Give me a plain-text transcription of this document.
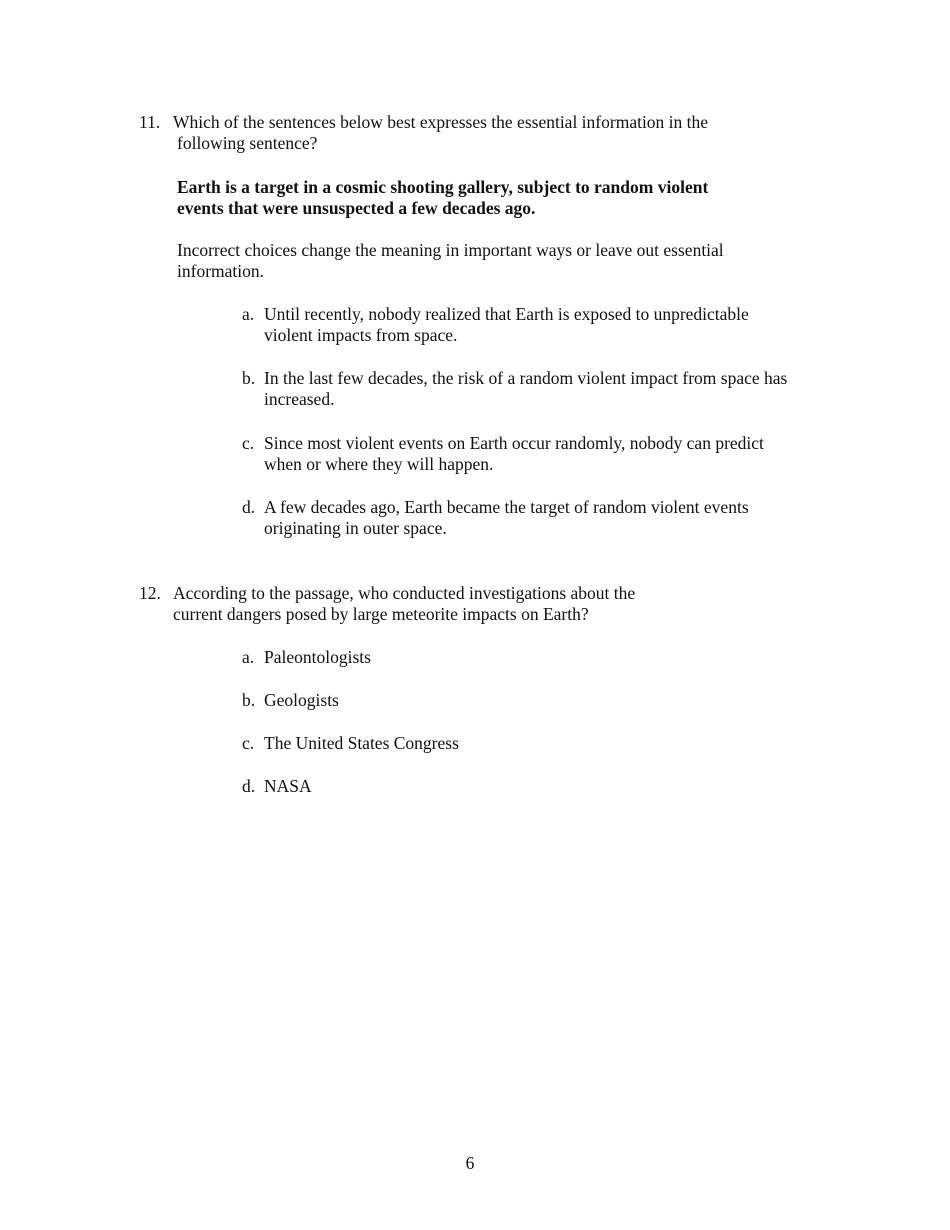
11. Which of the sentences below best expresses the essential information in the
following sentence?
Earth is a target in a cosmic shooting gallery, subject to random violent
events that were unsuspected a few decades ago.
Incorrect choices change the meaning in important ways or leave out essential
information.
a. Until recently, nobody realized that Earth is exposed to unpredictable
violent impacts from space.
b. In the last few decades, the risk of a random violent impact from space has
increased.
c. Since most violent events on Earth occur randomly, nobody can predict
when or where they will happen.
d. A few decades ago, Earth became the target of random violent events
originating in outer space.
12. According to the passage, who conducted investigations about the
current dangers posed by large meteorite impacts on Earth?
a. Paleontologists
b. Geologists
c. The United States Congress
d. NASA
6
